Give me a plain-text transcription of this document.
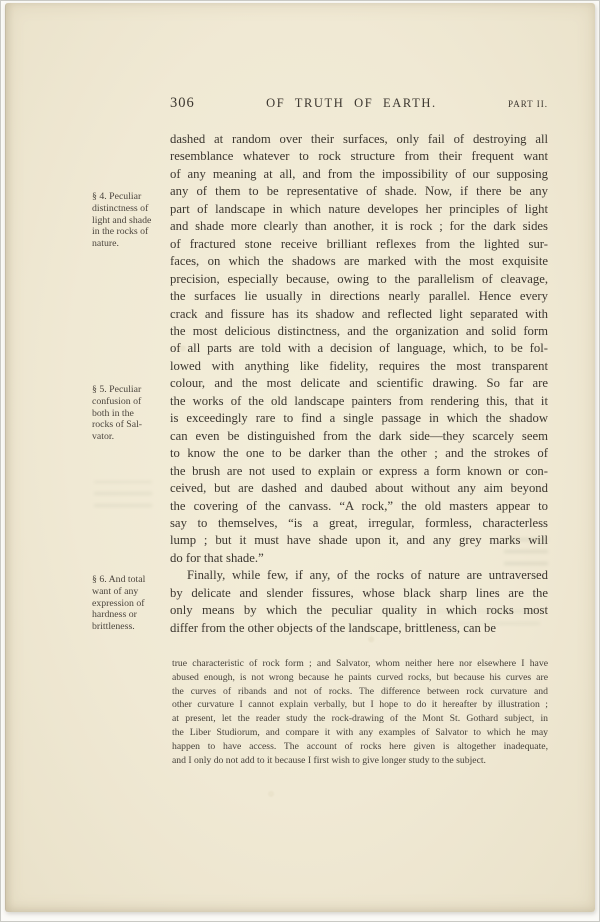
306	OF TRUTH OF EARTH.	PART II.
§ 4. Peculiar
distinctness of
light and shade
in the rocks of
nature.
§ 5. Peculiar
confusion of
both in the
rocks of Sal-
vator.
§ 6. And total
want of any
expression of
hardness or
brittleness.
dashed at random over their surfaces, only fail of destroying all
resemblance whatever to rock structure from their frequent want
of any meaning at all, and from the impossibility of our supposing
any of them to be representative of shade. Now, if there be any
part of landscape in which nature developes her principles of light
and shade more clearly than another, it is rock ; for the dark sides
of fractured stone receive brilliant reflexes from the lighted sur-
faces, on which the shadows are marked with the most exquisite
precision, especially because, owing to the parallelism of cleavage,
the surfaces lie usually in directions nearly parallel. Hence every
crack and fissure has its shadow and reflected light separated with
the most delicious distinctness, and the organization and solid form
of all parts are told with a decision of language, which, to be fol-
lowed with anything like fidelity, requires the most transparent
colour, and the most delicate and scientific drawing. So far are
the works of the old landscape painters from rendering this, that it
is exceedingly rare to find a single passage in which the shadow
can even be distinguished from the dark side—they scarcely seem
to know the one to be darker than the other ; and the strokes of
the brush are not used to explain or express a form known or con-
ceived, but are dashed and daubed about without any aim beyond
the covering of the canvass. “A rock,” the old masters appear to
say to themselves, “is a great, irregular, formless, characterless
lump ; but it must have shade upon it, and any grey marks will
do for that shade.”
Finally, while few, if any, of the rocks of nature are untraversed
by delicate and slender fissures, whose black sharp lines are the
only means by which the peculiar quality in which rocks most
differ from the other objects of the landscape, brittleness, can be
true characteristic of rock form ; and Salvator, whom neither here nor elsewhere I have
abused enough, is not wrong because he paints curved rocks, but because his curves are
the curves of ribands and not of rocks. The difference between rock curvature and
other curvature I cannot explain verbally, but I hope to do it hereafter by illustration ;
at present, let the reader study the rock-drawing of the Mont St. Gothard subject, in
the Liber Studiorum, and compare it with any examples of Salvator to which he may
happen to have access. The account of rocks here given is altogether inadequate,
and I only do not add to it because I first wish to give longer study to the subject.
